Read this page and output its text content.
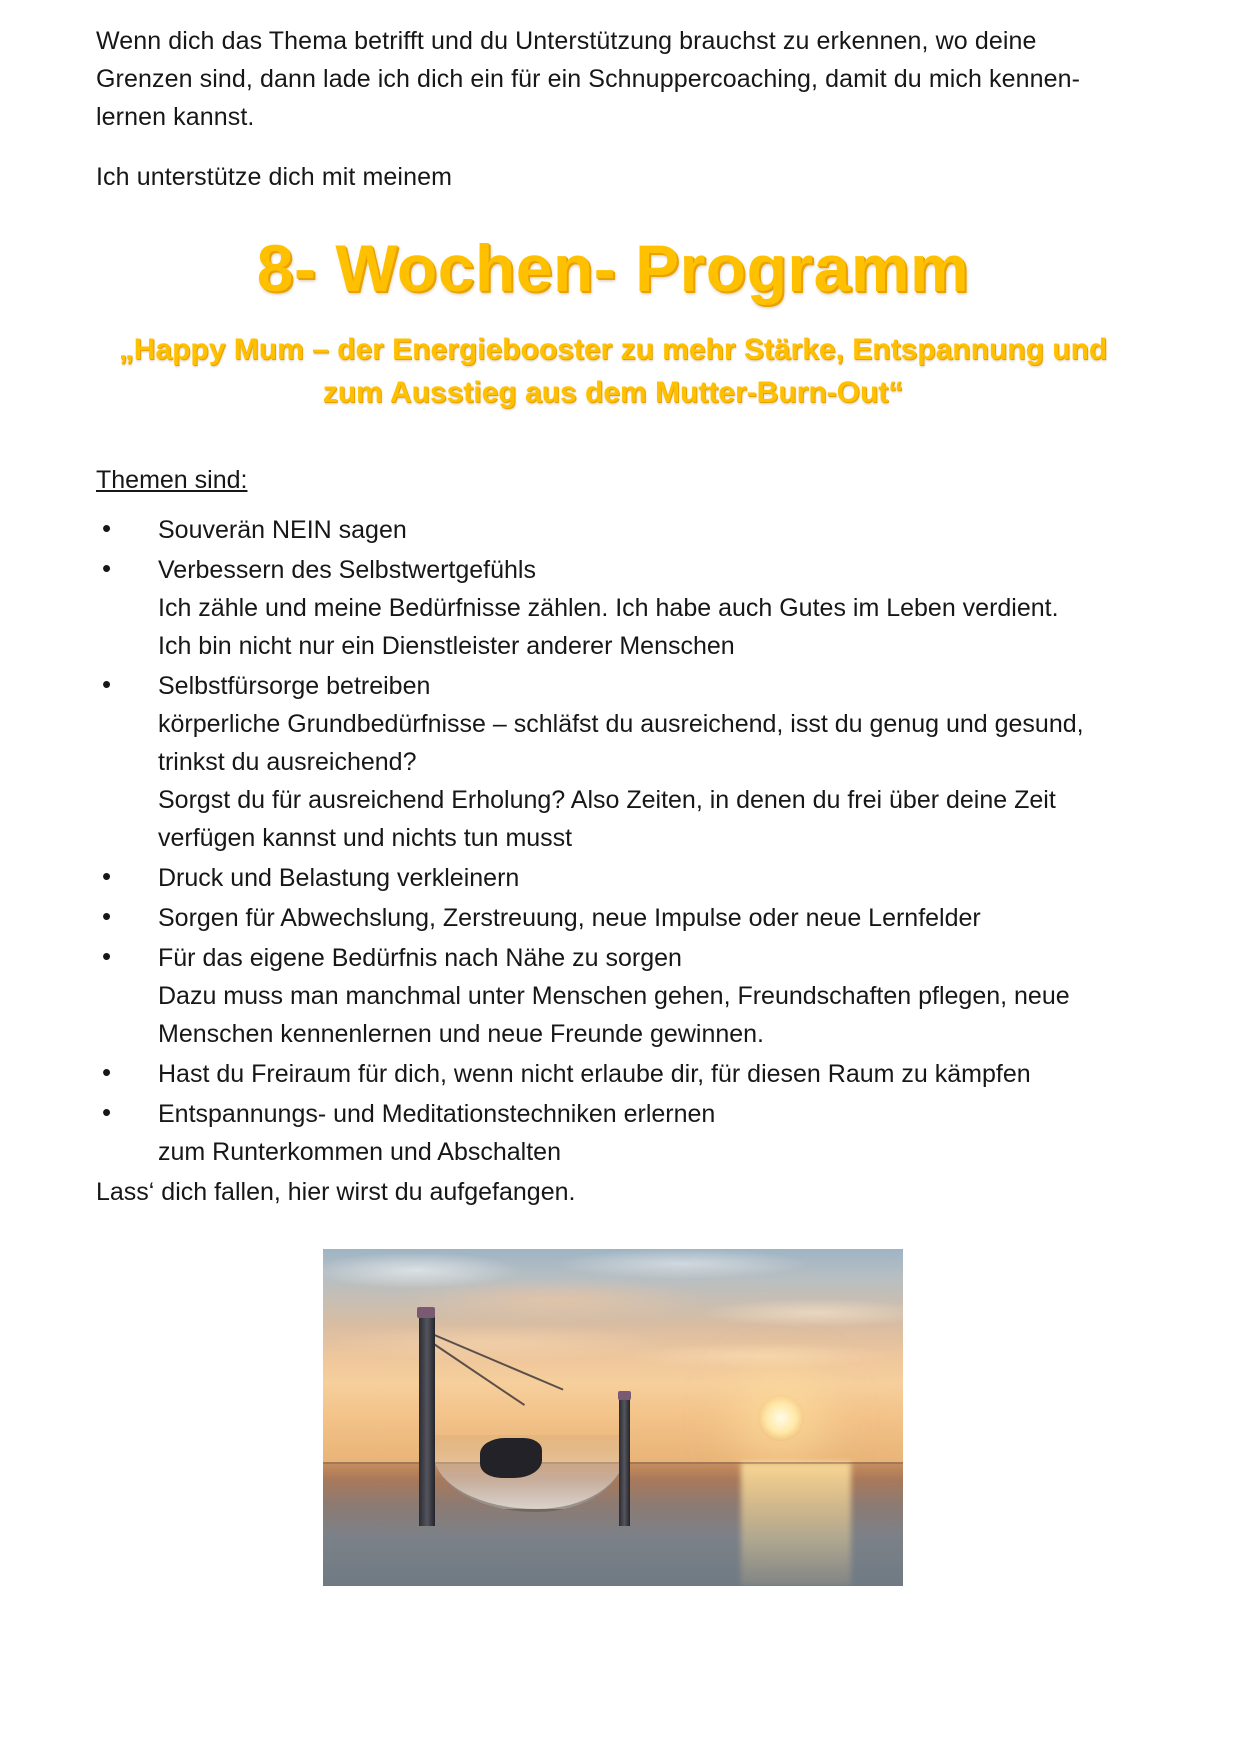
Wenn dich das Thema betrifft und du Unterstützung brauchst zu erkennen, wo deine Grenzen sind, dann lade ich dich ein für ein Schnuppercoaching, damit du mich kennen-lernen kannst.

Ich unterstütze dich mit meinem

8- Wochen- Programm
„Happy Mum – der Energiebooster zu mehr Stärke, Entspannung und zum Ausstieg aus dem Mutter-Burn-Out“
Themen sind:
• Souverän NEIN sagen
• Verbessern des Selbstwertgefühls
Ich zähle und meine Bedürfnisse zählen. Ich habe auch Gutes im Leben verdient.
Ich bin nicht nur ein Dienstleister anderer Menschen
• Selbstfürsorge betreiben
körperliche Grundbedürfnisse – schläfst du ausreichend, isst du genug und gesund, trinkst du ausreichend?
Sorgst du für ausreichend Erholung? Also Zeiten, in denen du frei über deine Zeit verfügen kannst und nichts tun musst
• Druck und Belastung verkleinern
• Sorgen für Abwechslung, Zerstreuung, neue Impulse oder neue Lernfelder
• Für das eigene Bedürfnis nach Nähe zu sorgen
Dazu muss man manchmal unter Menschen gehen, Freundschaften pflegen, neue Menschen kennenlernen und neue Freunde gewinnen.
• Hast du Freiraum für dich, wenn nicht erlaube dir, für diesen Raum zu kämpfen
• Entspannungs- und Meditationstechniken erlernen
zum Runterkommen und Abschalten
Lass‘ dich fallen, hier wirst du aufgefangen.
